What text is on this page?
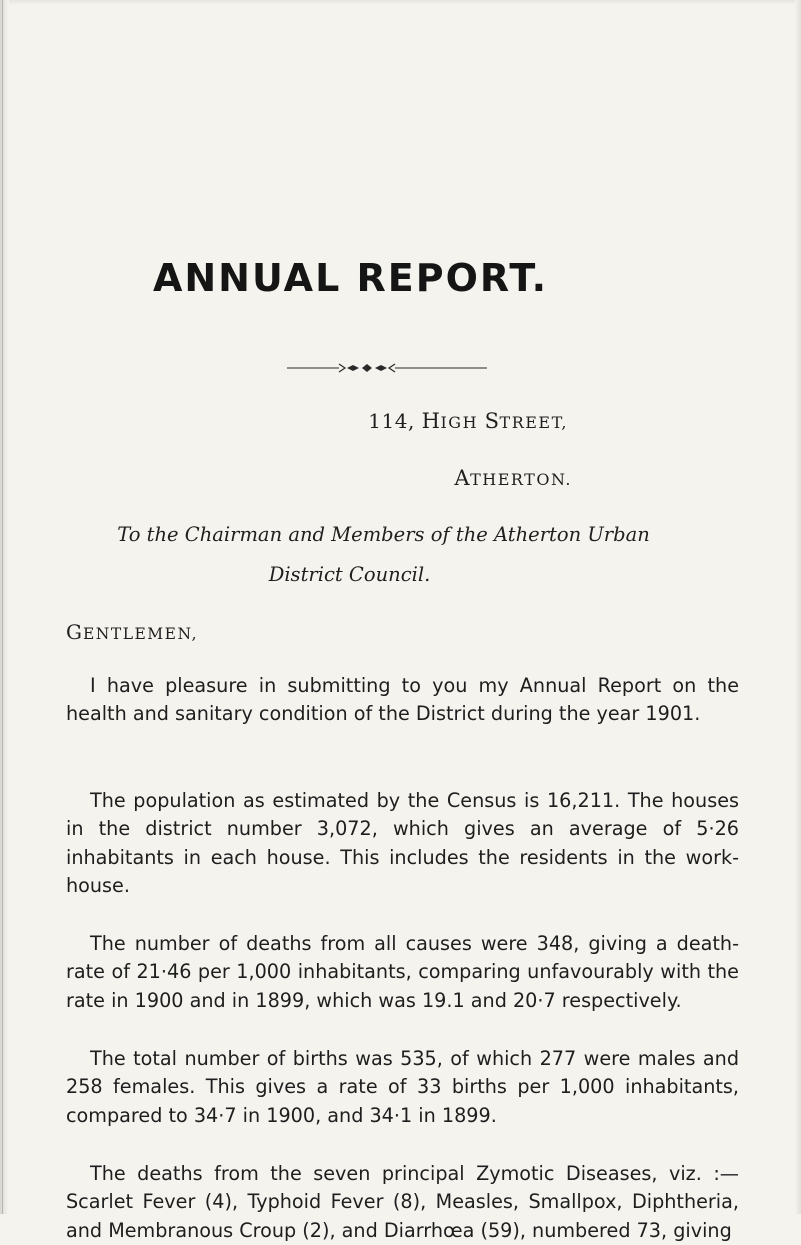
ANNUAL REPORT.
114, HIGH STREET,
ATHERTON.
To the Chairman and Members of the Atherton Urban
District Council.
GENTLEMEN,
I have pleasure in submitting to you my Annual Report on the health and sanitary condition of the District during the year 1901.
The population as estimated by the Census is 16,211. The houses in the district number 3,072, which gives an average of 5·26 inhabitants in each house. This includes the residents in the work-house.
The number of deaths from all causes were 348, giving a death-rate of 21·46 per 1,000 inhabitants, comparing unfavourably with the rate in 1900 and in 1899, which was 19.1 and 20·7 respectively.
The total number of births was 535, of which 277 were males and 258 females. This gives a rate of 33 births per 1,000 inhabitants, compared to 34·7 in 1900, and 34·1 in 1899.
The deaths from the seven principal Zymotic Diseases, viz. :—Scarlet Fever (4), Typhoid Fever (8), Measles, Smallpox, Diphtheria, and Membranous Croup (2), and Diarrhœa (59), numbered 73, giving
